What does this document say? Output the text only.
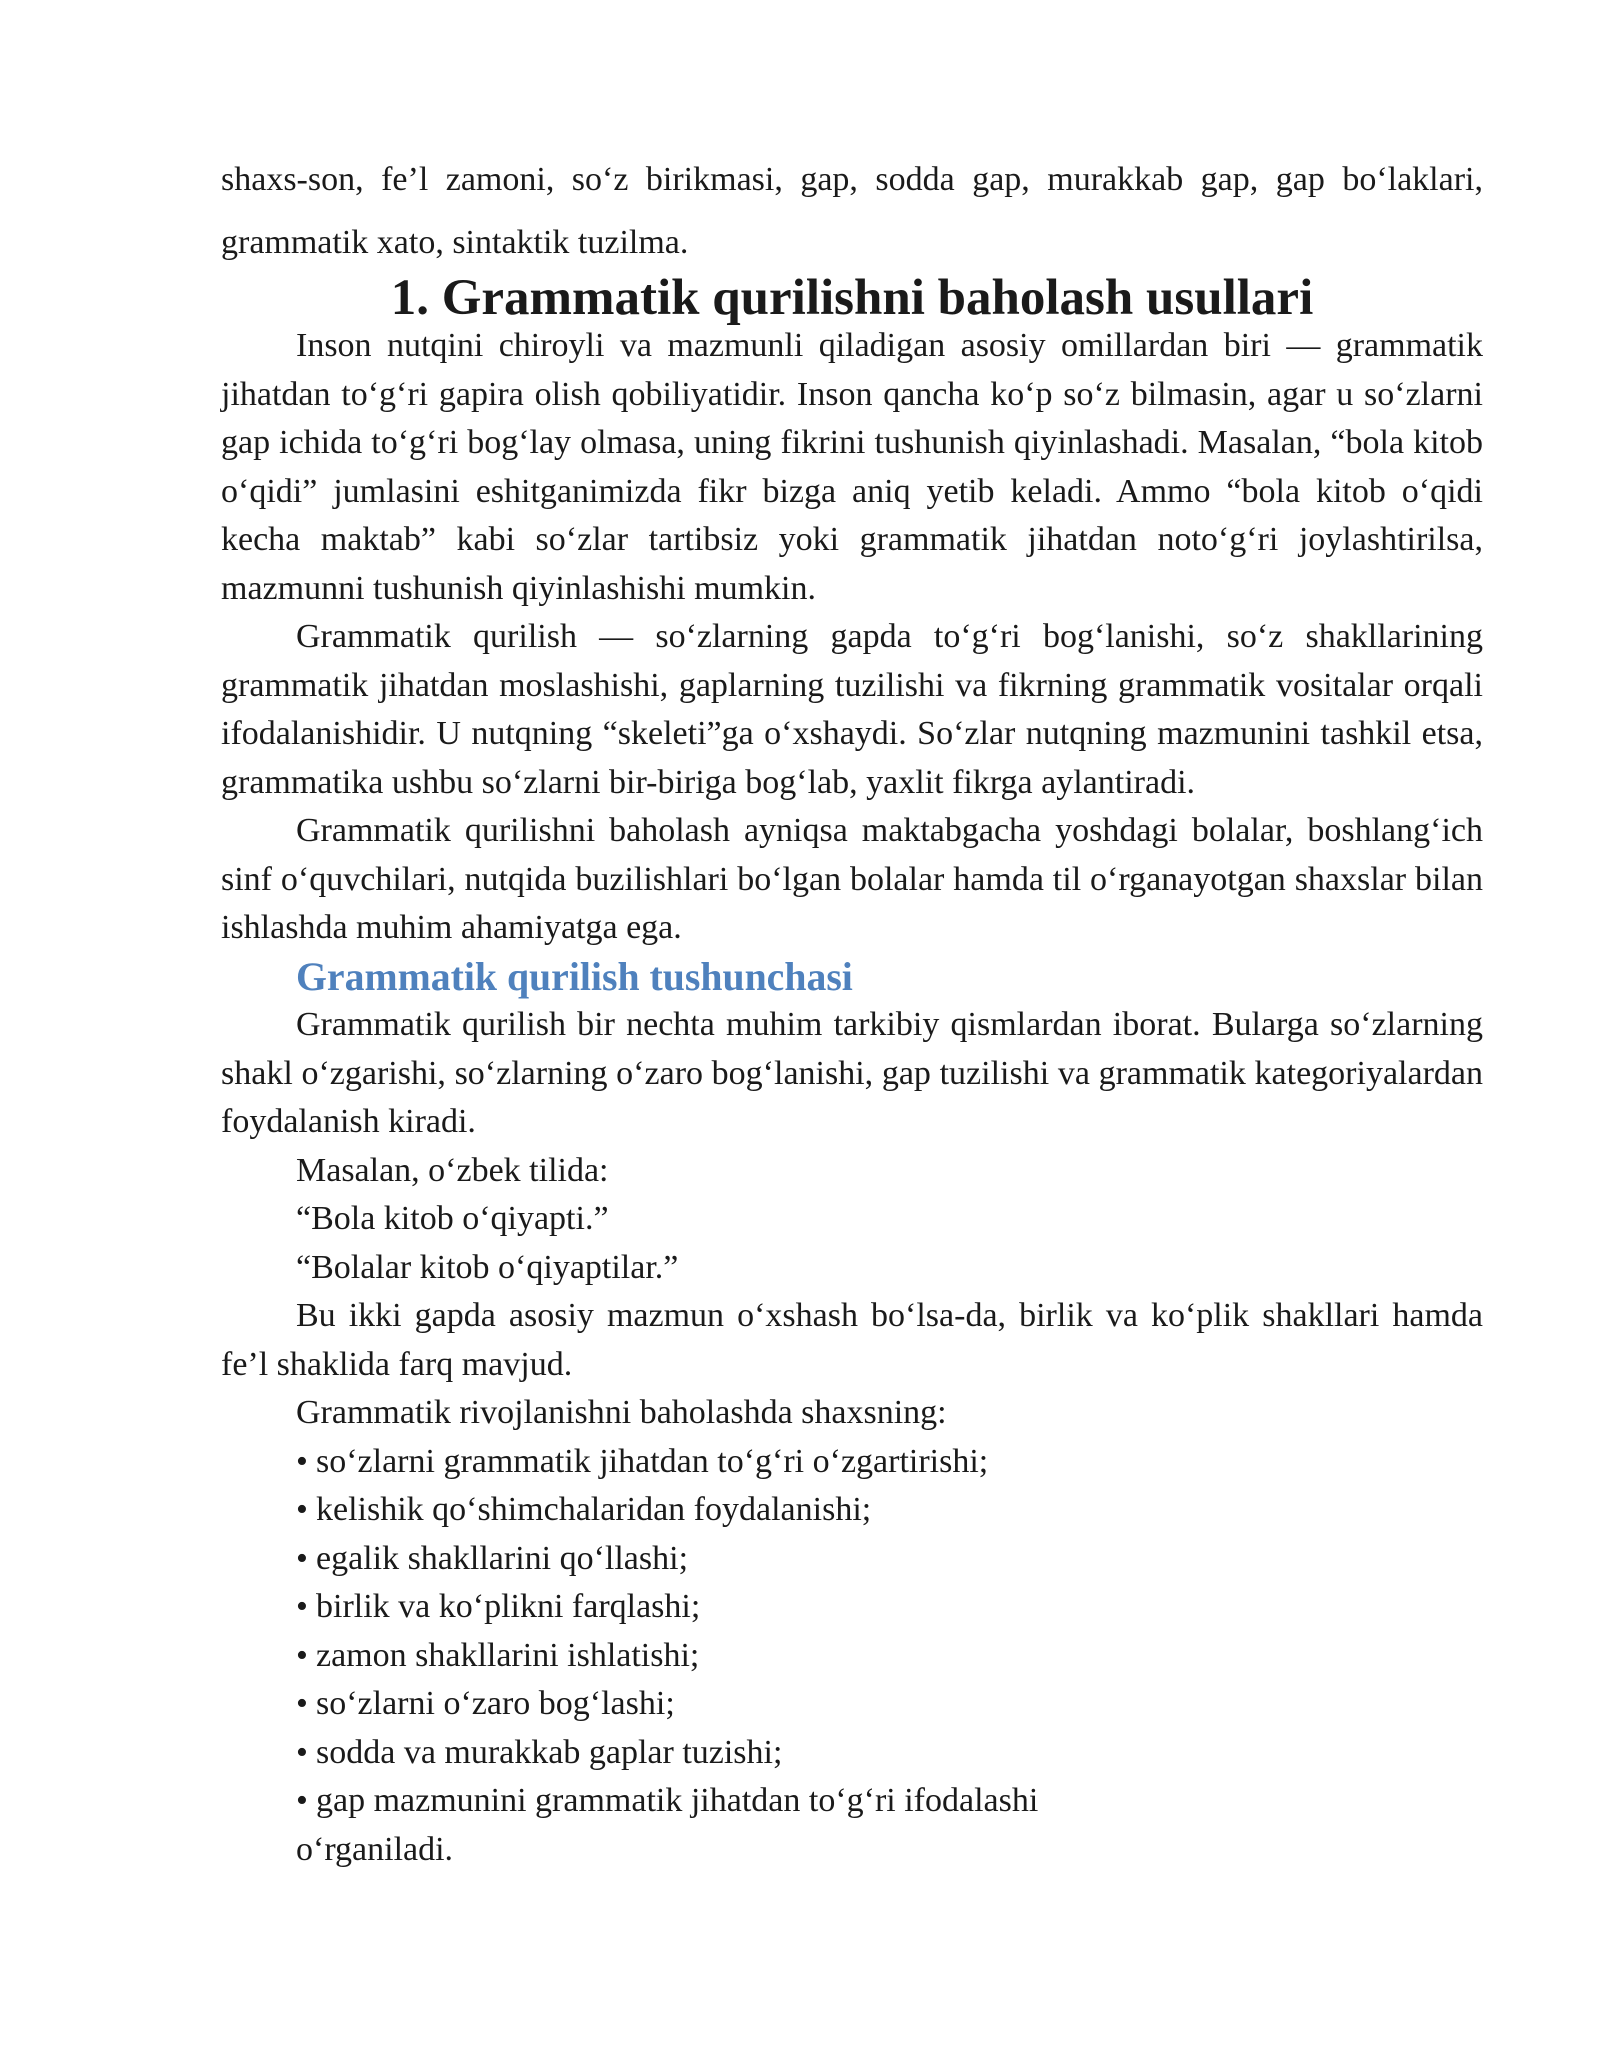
shaxs-son, fe’l zamoni, so‘z birikmasi, gap, sodda gap, murakkab gap, gap bo‘laklari, grammatik xato, sintaktik tuzilma.

1. Grammatik qurilishni baholash usullari

Inson nutqini chiroyli va mazmunli qiladigan asosiy omillardan biri — grammatik jihatdan to‘g‘ri gapira olish qobiliyatidir. Inson qancha ko‘p so‘z bilmasin, agar u so‘zlarni gap ichida to‘g‘ri bog‘lay olmasa, uning fikrini tushunish qiyinlashadi. Masalan, “bola kitob o‘qidi” jumlasini eshitganimizda fikr bizga aniq yetib keladi. Ammo “bola kitob o‘qidi kecha maktab” kabi so‘zlar tartibsiz yoki grammatik jihatdan noto‘g‘ri joylashtirilsa, mazmunni tushunish qiyinlashishi mumkin.

Grammatik qurilish — so‘zlarning gapda to‘g‘ri bog‘lanishi, so‘z shakllarining grammatik jihatdan moslashishi, gaplarning tuzilishi va fikrning grammatik vositalar orqali ifodalanishidir. U nutqning “skeleti”ga o‘xshaydi. So‘zlar nutqning mazmunini tashkil etsa, grammatika ushbu so‘zlarni bir-biriga bog‘lab, yaxlit fikrga aylantiradi.

Grammatik qurilishni baholash ayniqsa maktabgacha yoshdagi bolalar, boshlang‘ich sinf o‘quvchilari, nutqida buzilishlari bo‘lgan bolalar hamda til o‘rganayotgan shaxslar bilan ishlashda muhim ahamiyatga ega.

Grammatik qurilish tushunchasi

Grammatik qurilish bir nechta muhim tarkibiy qismlardan iborat. Bularga so‘zlarning shakl o‘zgarishi, so‘zlarning o‘zaro bog‘lanishi, gap tuzilishi va grammatik kategoriyalardan foydalanish kiradi.

Masalan, o‘zbek tilida:

“Bola kitob o‘qiyapti.”

“Bolalar kitob o‘qiyaptilar.”

Bu ikki gapda asosiy mazmun o‘xshash bo‘lsa-da, birlik va ko‘plik shakllari hamda fe’l shaklida farq mavjud.

Grammatik rivojlanishni baholashda shaxsning:

• so‘zlarni grammatik jihatdan to‘g‘ri o‘zgartirishi;

• kelishik qo‘shimchalaridan foydalanishi;

• egalik shakllarini qo‘llashi;

• birlik va ko‘plikni farqlashi;

• zamon shakllarini ishlatishi;

• so‘zlarni o‘zaro bog‘lashi;

• sodda va murakkab gaplar tuzishi;

• gap mazmunini grammatik jihatdan to‘g‘ri ifodalashi

o‘rganiladi.
